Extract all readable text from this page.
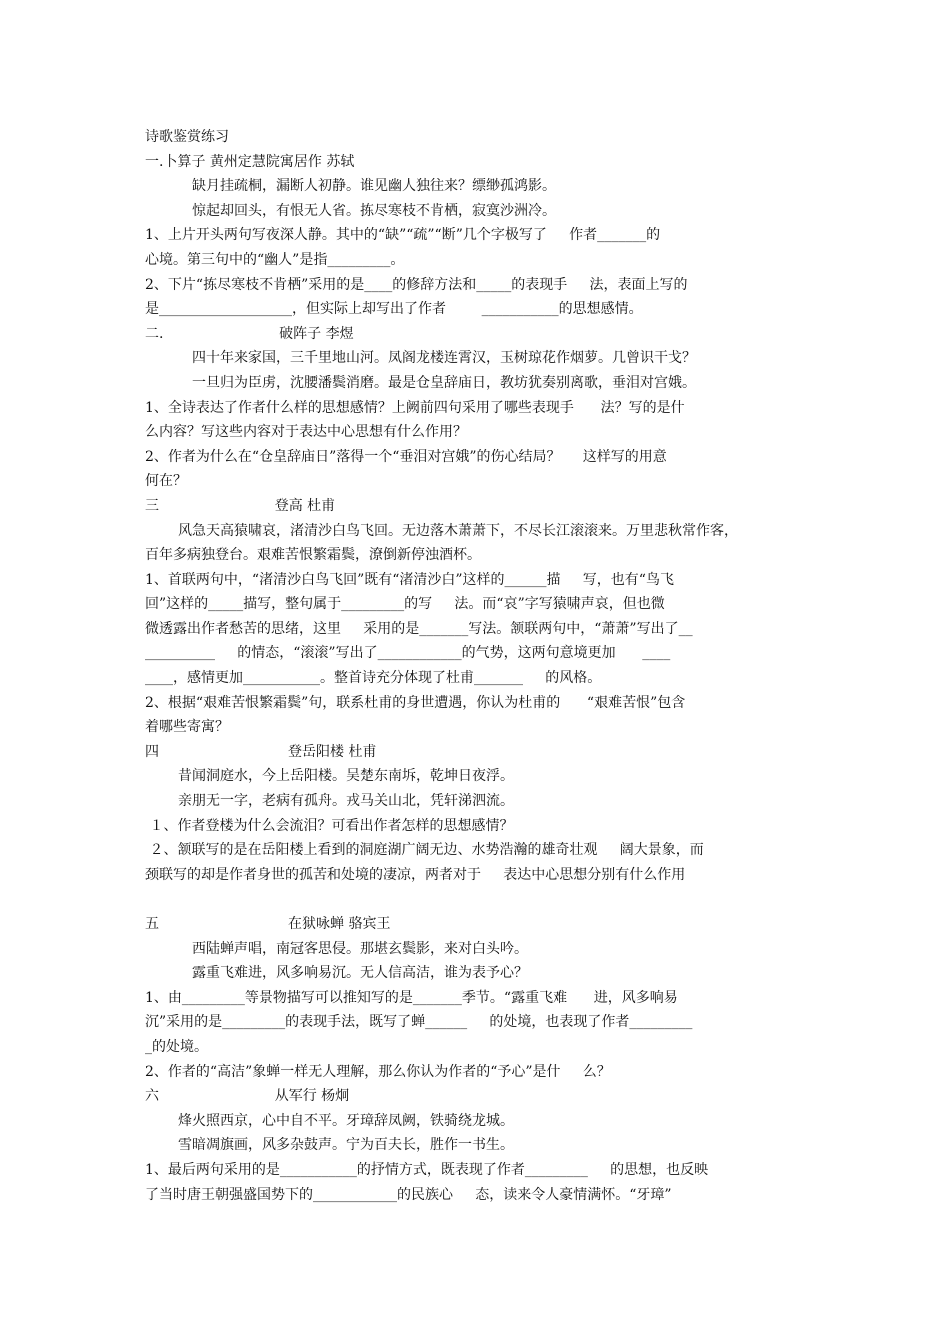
诗歌鉴赏练习
一.卜算子 黄州定慧院寓居作 苏轼
缺月挂疏桐，漏断人初静。谁见幽人独往来？缥缈孤鸿影。
惊起却回头，有恨无人省。拣尽寒枝不肯栖，寂寞沙洲冷。
1、上片开头两句写夜深人静。其中的“缺”“疏”“断”几个字极写了     作者_______的
心境。第三句中的“幽人”是指_________。
2、下片“拣尽寒枝不肯栖”采用的是____的修辞方法和_____的表现手     法，表面上写的
是___________________，但实际上却写出了作者        ___________的思想感情。
二.                          破阵子 李煜
四十年来家国，三千里地山河。凤阁龙楼连霄汉，玉树琼花作烟萝。几曾识干戈？
一旦归为臣虏，沈腰潘鬓消磨。最是仓皇辞庙日，教坊犹奏别离歌，垂泪对宫娥。
1、全诗表达了作者什么样的思想感情？上阙前四句采用了哪些表现手      法？写的是什
么内容？写这些内容对于表达中心思想有什么作用？
2、作者为什么在“仓皇辞庙日”落得一个“垂泪对宫娥”的伤心结局？     这样写的用意
何在？
三                          登高 杜甫
风急天高猿啸哀，渚清沙白鸟飞回。无边落木萧萧下，不尽长江滚滚来。万里悲秋常作客，
百年多病独登台。艰难苦恨繁霜鬓，潦倒新停浊酒杯。
1、首联两句中，“渚清沙白鸟飞回”既有“渚清沙白”这样的______描     写，也有“鸟飞
回”这样的_____描写，整句属于_________的写     法。而“哀”字写猿啸声哀，但也微
微透露出作者愁苦的思绪，这里     采用的是_______写法。颔联两句中，“萧萧”写出了__
__________     的情态，“滚滚”写出了____________的气势，这两句意境更加      ____
____，感情更加___________。整首诗充分体现了杜甫_______     的风格。
2、根据“艰难苦恨繁霜鬓”句，联系杜甫的身世遭遇，你认为杜甫的      “艰难苦恨”包含
着哪些寄寓？
四                             登岳阳楼 杜甫
昔闻洞庭水，今上岳阳楼。吴楚东南坼，乾坤日夜浮。
亲朋无一字，老病有孤舟。戎马关山北，凭轩涕泗流。
１、作者登楼为什么会流泪？可看出作者怎样的思想感情？
２、颔联写的是在岳阳楼上看到的洞庭湖广阔无边、水势浩瀚的雄奇壮观     阔大景象，而
颈联写的却是作者身世的孤苦和处境的凄凉，两者对于     表达中心思想分别有什么作用
五                             在狱咏蝉 骆宾王
西陆蝉声唱，南冠客思侵。那堪玄鬓影，来对白头吟。
露重飞难进，风多响易沉。无人信高洁，谁为表予心？
1、由_________等景物描写可以推知写的是_______季节。“露重飞难      进，风多响易
沉”采用的是_________的表现手法，既写了蝉______     的处境，也表现了作者_________
_的处境。
2、作者的“高洁”象蝉一样无人理解，那么你认为作者的“予心”是什     么？
六                          从军行 杨炯
烽火照西京，心中自不平。牙璋辞凤阙，铁骑绕龙城。
雪暗凋旗画，风多杂鼓声。宁为百夫长，胜作一书生。
1、最后两句采用的是___________的抒情方式，既表现了作者_________     的思想，也反映
了当时唐王朝强盛国势下的____________的民族心     态，读来令人豪情满怀。“牙璋”
